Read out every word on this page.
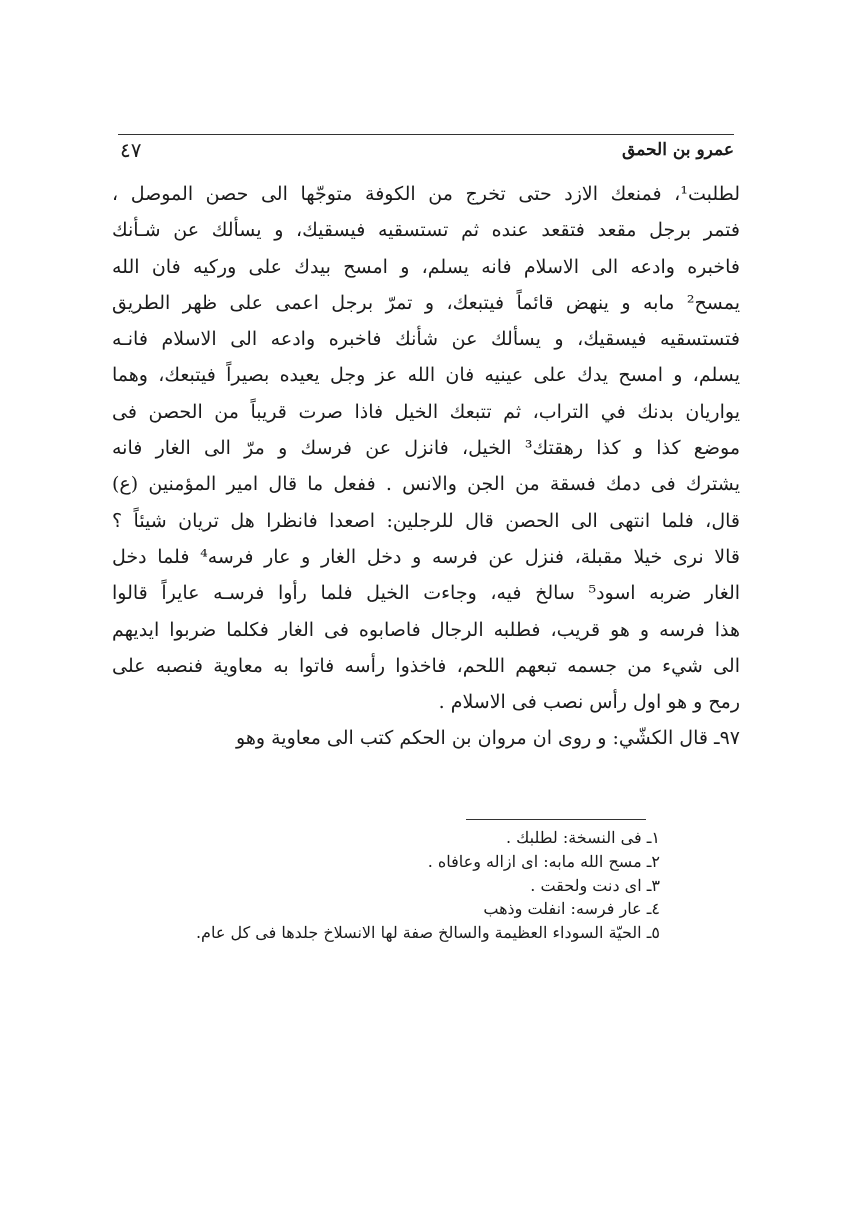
عمرو بن الحمق
٤٧
لطلبت¹، فمنعك الازد حتى تخرج من الكوفة متوجّها الى حصن الموصل ،
فتمر برجل مقعد فتقعد عنده ثم تستسقيه فيسقيك، و يسألك عن شـأنك
فاخبره وادعه الى الاسلام فانه يسلم، و امسح بيدك على وركيه فان الله
يمسح² مابه و ينهض قائماً فيتبعك، و تمرّ برجل اعمى على ظهر الطريق
فتستسقيه فيسقيك، و يسألك عن شأنك فاخبره وادعه الى الاسلام فانـه
يسلم، و امسح يدك على عينيه فان الله عز وجل يعيده بصيراً فيتبعك، وهما
يواريان بدنك في التراب، ثم تتبعك الخيل فاذا صرت قريباً من الحصن فى
موضع كذا و كذا رهقتك³ الخيل، فانزل عن فرسك و مرّ الى الغار فانه
يشترك فى دمك فسقة من الجن والانس . ففعل ما قال امير المؤمنين (ع)
قال، فلما انتهى الى الحصن قال للرجلين: اصعدا فانظرا هل تريان شيئاً ؟
قالا نرى خيلا مقبلة، فنزل عن فرسه و دخل الغار و عار فرسه⁴ فلما دخل
الغار ضربه اسود⁵ سالخ فيه، وجاءت الخيل فلما رأوا فرسـه عايراً قالوا
هذا فرسه و هو قريب، فطلبه الرجال فاصابوه فى الغار فكلما ضربوا ايديهم
الى شيء من جسمه تبعهم اللحم، فاخذوا رأسه فاتوا به معاوية فنصبه على
رمح و هو اول رأس نصب فى الاسلام .
٩٧ـ قال الكشّي: و روى ان مروان بن الحكم كتب الى معاوية وهو
١ـ فى النسخة: لطلبك .
٢ـ مسح الله مابه: اى ازاله وعافاه .
٣ـ اى دنت ولحقت .
٤ـ عار فرسه: انفلت وذهب
٥ـ الحيّة السوداء العظيمة والسالخ صفة لها الانسلاخ جلدها فى كل عام.
